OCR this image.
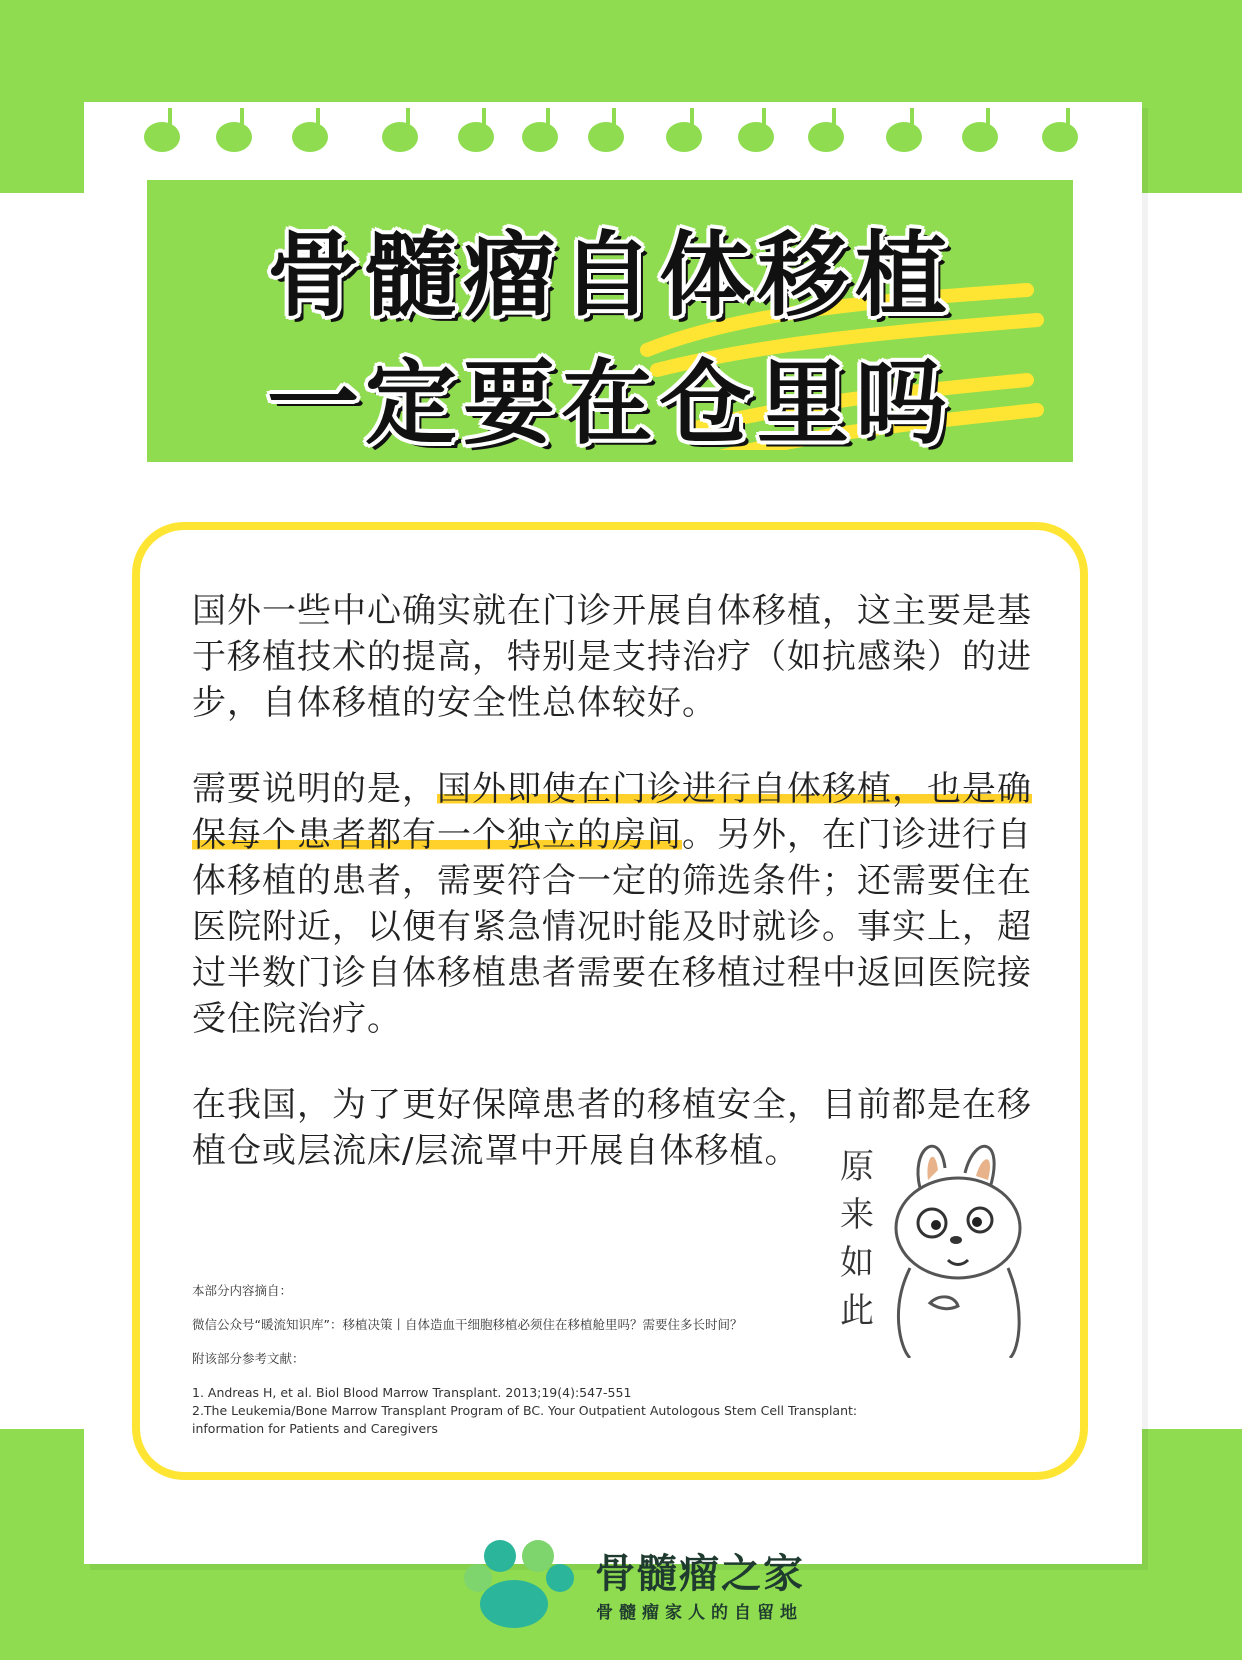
骨髓瘤自体移植
一定要在仓里吗
国外一些中心确实就在门诊开展自体移植，这主要是基于移植技术的提高，特别是支持治疗（如抗感染）的进步，自体移植的安全性总体较好。
需要说明的是，国外即使在门诊进行自体移植，也是确保每个患者都有一个独立的房间。另外，在门诊进行自体移植的患者，需要符合一定的筛选条件；还需要住在医院附近，以便有紧急情况时能及时就诊。事实上，超过半数门诊自体移植患者需要在移植过程中返回医院接受住院治疗。
在我国，为了更好保障患者的移植安全，目前都是在移植仓或层流床/层流罩中开展自体移植。

本部分内容摘自：

微信公众号“暖流知识库”：移植决策丨自体造血干细胞移植必须住在移植舱里吗？需要住多长时间？

附该部分参考文献：

1. Andreas H, et al. Biol Blood Marrow Transplant. 2013;19(4):547-551

2.The Leukemia/Bone Marrow Transplant Program of BC. Your Outpatient Autologous Stem Cell Transplant: information for Patients and Caregivers

原
来
如
此
骨髓瘤之家
骨髓瘤家人的自留地
